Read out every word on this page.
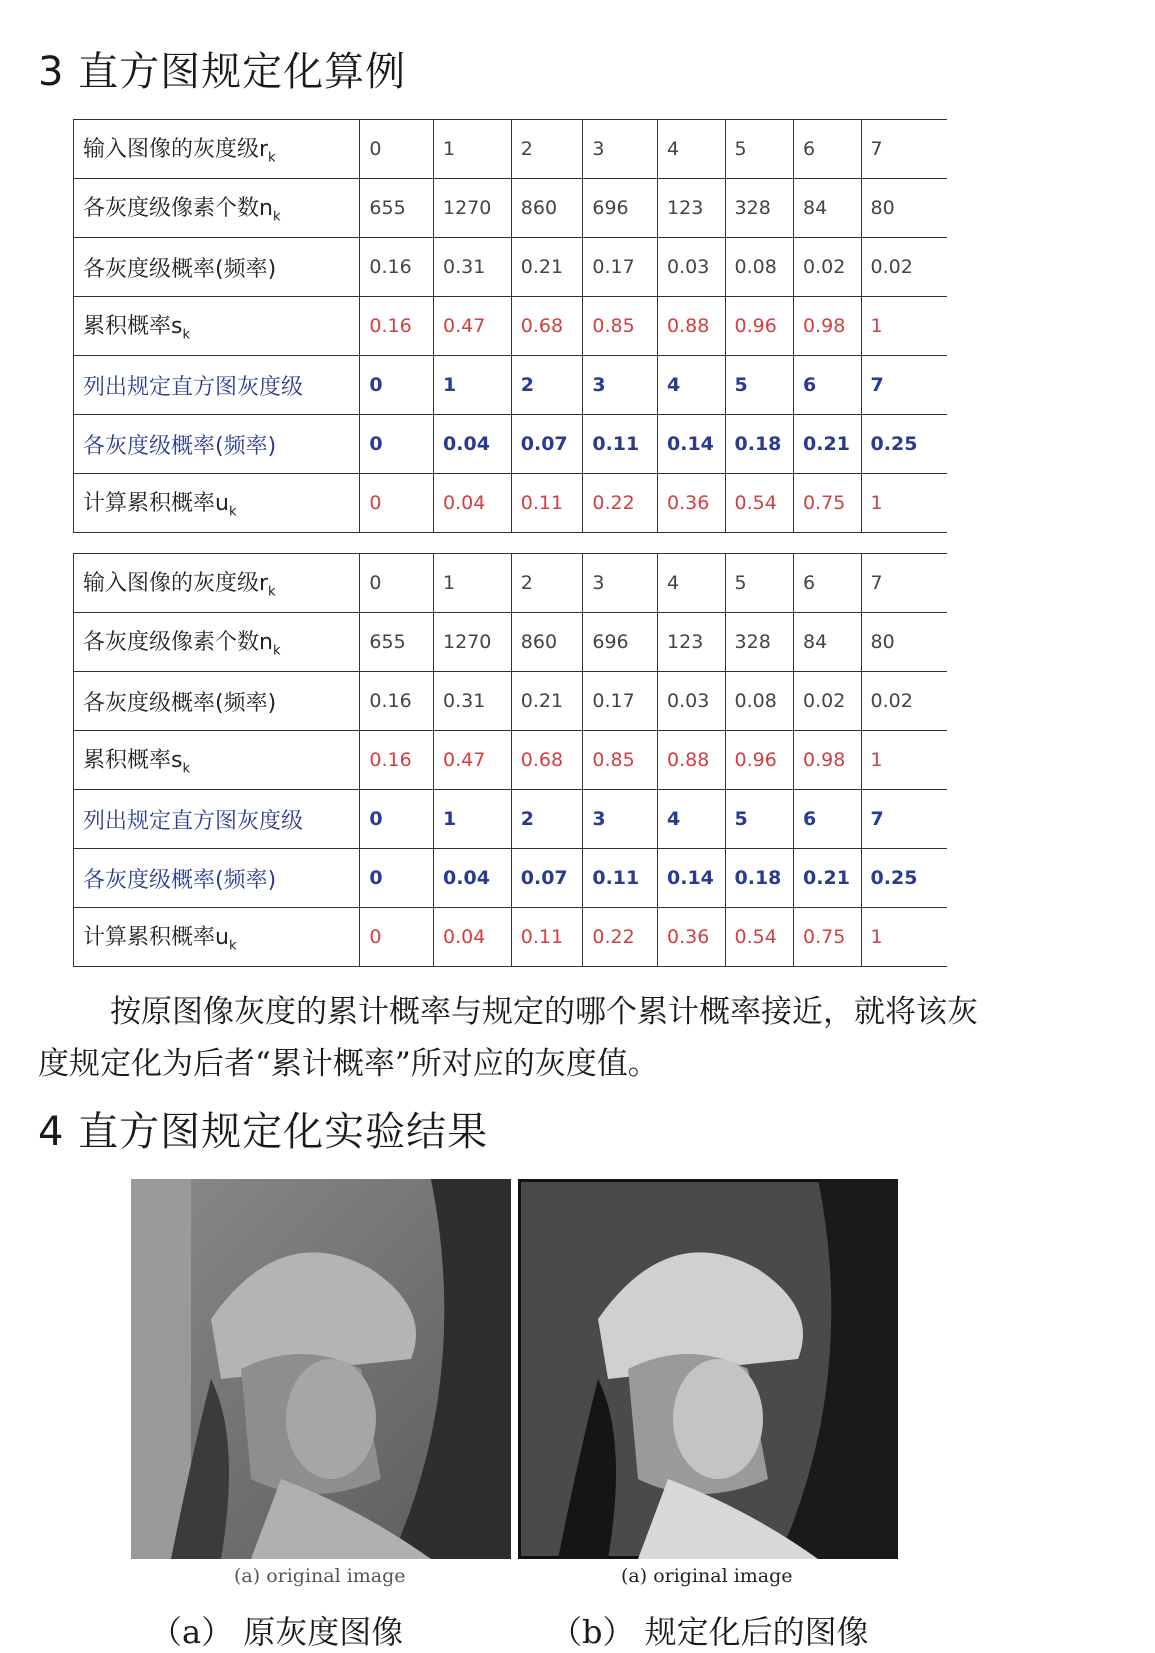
3 直方图规定化算例
输入图像的灰度级$r_k$	0	1	2	3	4	5	6	7
各灰度级像素个数$n_k$	655	1270	860	696	123	328	84	80
各灰度级概率(频率)	0.16	0.31	0.21	0.17	0.03	0.08	0.02	0.02
累积概率$s_k$	0.16	0.47	0.68	0.85	0.88	0.96	0.98	1
列出规定直方图灰度级	0	1	2	3	4	5	6	7
各灰度级概率(频率)	0	0.04	0.07	0.11	0.14	0.18	0.21	0.25
计算累积概率$u_k$	0	0.04	0.11	0.22	0.36	0.54	0.75	1
输入图像的灰度级$r_k$	0	1	2	3	4	5	6	7
各灰度级像素个数$n_k$	655	1270	860	696	123	328	84	80
各灰度级概率(频率)	0.16	0.31	0.21	0.17	0.03	0.08	0.02	0.02
累积概率$s_k$	0.16	0.47	0.68	0.85	0.88	0.96	0.98	1
列出规定直方图灰度级	0	1	2	3	4	5	6	7
各灰度级概率(频率)	0	0.04	0.07	0.11	0.14	0.18	0.21	0.25
计算累积概率$u_k$	0	0.04	0.11	0.22	0.36	0.54	0.75	1

按原图像灰度的累计概率与规定的哪个累计概率接近，就将该灰度规定化为后者“累计概率”所对应的灰度值。

4 直方图规定化实验结果
(a) original image	(a) original image
（a） 原灰度图像	（b） 规定化后的图像
